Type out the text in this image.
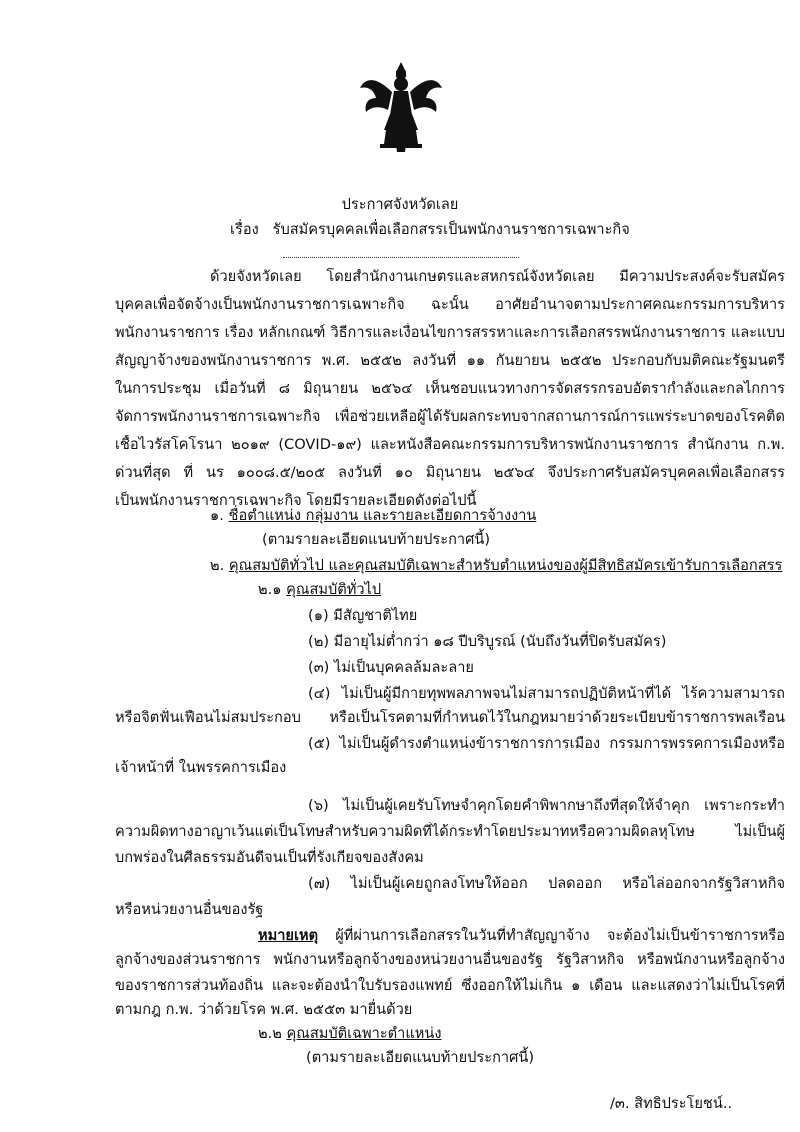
ประกาศจังหวัดเลย
เรื่อง รับสมัครบุคคลเพื่อเลือกสรรเป็นพนักงานราชการเฉพาะกิจ
ด้วยจังหวัดเลย โดยสำนักงานเกษตรและสหกรณ์จังหวัดเลย มีความประสงค์จะรับสมัคร
บุคคลเพื่อจัดจ้างเป็นพนักงานราชการเฉพาะกิจ ฉะนั้น อาศัยอำนาจตามประกาศคณะกรรมการบริหาร
พนักงานราชการ เรื่อง หลักเกณฑ์ วิธีการและเงื่อนไขการสรรหาและการเลือกสรรพนักงานราชการ และแบบ
สัญญาจ้างของพนักงานราชการ พ.ศ. ๒๕๕๒ ลงวันที่ ๑๑ กันยายน ๒๕๕๒ ประกอบกับมติคณะรัฐมนตรี
ในการประชุม เมื่อวันที่ ๘ มิถุนายน ๒๕๖๔ เห็นชอบแนวทางการจัดสรรกรอบอัตรากำลังและกลไกการ
จัดการพนักงานราชการเฉพาะกิจ เพื่อช่วยเหลือผู้ได้รับผลกระทบจากสถานการณ์การแพร่ระบาดของโรคติด
เชื้อไวรัสโคโรนา ๒๐๑๙ (COVID-๑๙) และหนังสือคณะกรรมการบริหารพนักงานราชการ สำนักงาน ก.พ.
ด่วนที่สุด ที่ นร ๑๐๐๘.๕/๒๐๕ ลงวันที่ ๑๐ มิถุนายน ๒๕๖๔ จึงประกาศรับสมัครบุคคลเพื่อเลือกสรร
เป็นพนักงานราชการเฉพาะกิจ โดยมีรายละเอียดดังต่อไปนี้
๑. ชื่อตำแหน่ง กลุ่มงาน และรายละเอียดการจ้างงาน
(ตามรายละเอียดแนบท้ายประกาศนี้)
๒. คุณสมบัติทั่วไป และคุณสมบัติเฉพาะสำหรับตำแหน่งของผู้มีสิทธิสมัครเข้ารับการเลือกสรร
๒.๑ คุณสมบัติทั่วไป
(๑) มีสัญชาติไทย
(๒) มีอายุไม่ต่ำกว่า ๑๘ ปีบริบูรณ์ (นับถึงวันที่ปิดรับสมัคร)
(๓) ไม่เป็นบุคคลล้มละลาย
(๔) ไม่เป็นผู้มีกายทุพพลภาพจนไม่สามารถปฏิบัติหน้าที่ได้ ไร้ความสามารถ
หรือจิตฟั่นเฟือนไม่สมประกอบ หรือเป็นโรคตามที่กำหนดไว้ในกฎหมายว่าด้วยระเบียบข้าราชการพลเรือน
(๕) ไม่เป็นผู้ดำรงตำแหน่งข้าราชการการเมือง กรรมการพรรคการเมืองหรือ
เจ้าหน้าที่ ในพรรคการเมือง
(๖) ไม่เป็นผู้เคยรับโทษจำคุกโดยคำพิพากษาถึงที่สุดให้จำคุก เพราะกระทำ
ความผิดทางอาญาเว้นแต่เป็นโทษสำหรับความผิดที่ได้กระทำโดยประมาทหรือความผิดลหุโทษ ไม่เป็นผู้
บกพร่องในศีลธรรมอันดีจนเป็นที่รังเกียจของสังคม
(๗) ไม่เป็นผู้เคยถูกลงโทษให้ออก ปลดออก หรือไล่ออกจากรัฐวิสาหกิจ
หรือหน่วยงานอื่นของรัฐ
หมายเหตุ ผู้ที่ผ่านการเลือกสรรในวันที่ทำสัญญาจ้าง จะต้องไม่เป็นข้าราชการหรือ
ลูกจ้างของส่วนราชการ พนักงานหรือลูกจ้างของหน่วยงานอื่นของรัฐ รัฐวิสาหกิจ หรือพนักงานหรือลูกจ้าง
ของราชการส่วนท้องถิ่น และจะต้องนำใบรับรองแพทย์ ซึ่งออกให้ไม่เกิน ๑ เดือน และแสดงว่าไม่เป็นโรคที่
ตามกฎ ก.พ. ว่าด้วยโรค พ.ศ. ๒๕๕๓ มายื่นด้วย
๒.๒ คุณสมบัติเฉพาะตำแหน่ง
(ตามรายละเอียดแนบท้ายประกาศนี้)
/๓. สิทธิประโยชน์..
